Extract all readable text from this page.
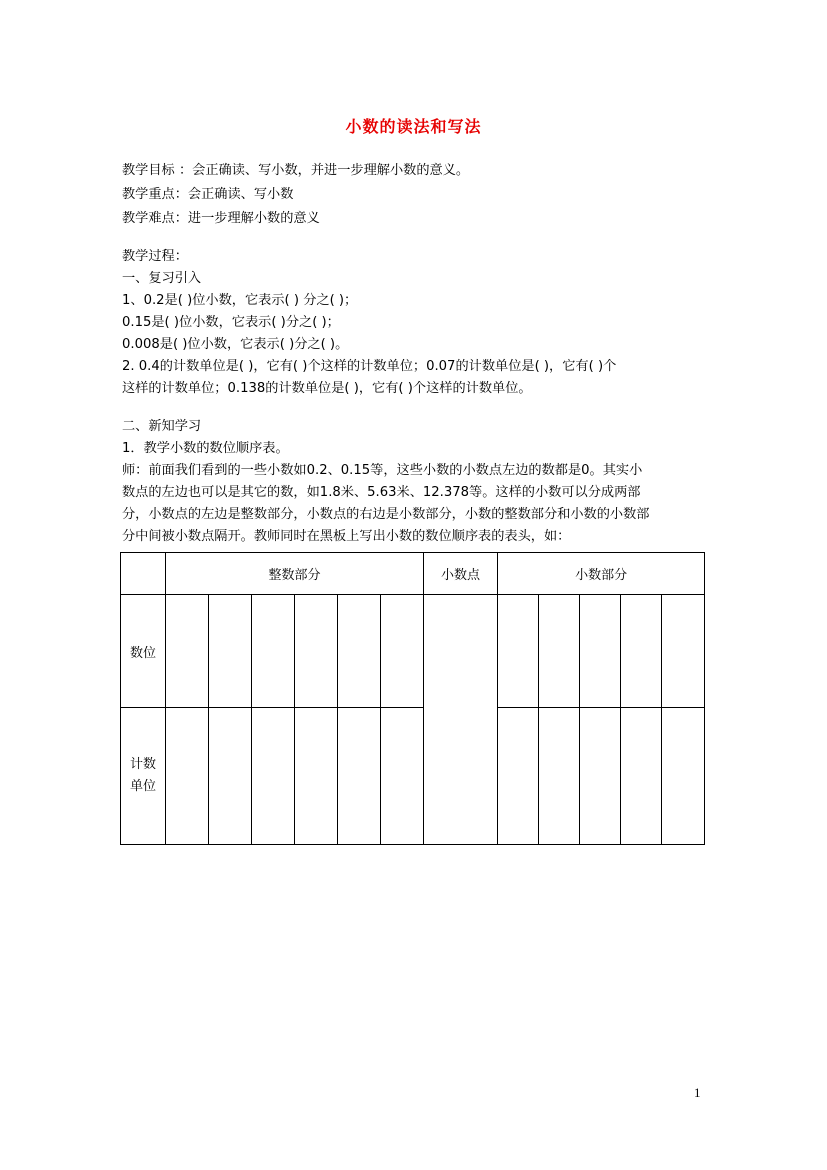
小数的读法和写法
教学目标 ：会正确读、写小数，并进一步理解小数的意义。
教学重点：会正确读、写小数
教学难点：进一步理解小数的意义
教学过程：
一、复习引入
1、0.2是( )位小数，它表示( ) 分之( )；
0.15是( )位小数，它表示( )分之( )；
0.008是( )位小数，它表示( )分之( )。
2. 0.4的计数单位是( )，它有( )个这样的计数单位；0.07的计数单位是( )，它有( )个
这样的计数单位；0.138的计数单位是( )，它有( )个这样的计数单位。
二、新知学习
1．教学小数的数位顺序表。
师：前面我们看到的一些小数如0.2、0.15等，这些小数的小数点左边的数都是0。其实小
数点的左边也可以是其它的数，如1.8米、5.63米、12.378等。这样的小数可以分成两部
分，小数点的左边是整数部分，小数点的右边是小数部分，小数的整数部分和小数的小数部
分中间被小数点隔开。教师同时在黑板上写出小数的数位顺序表的表头，如：
	整数部分						小数点	小数部分				
数位												
计数
单位												
1
